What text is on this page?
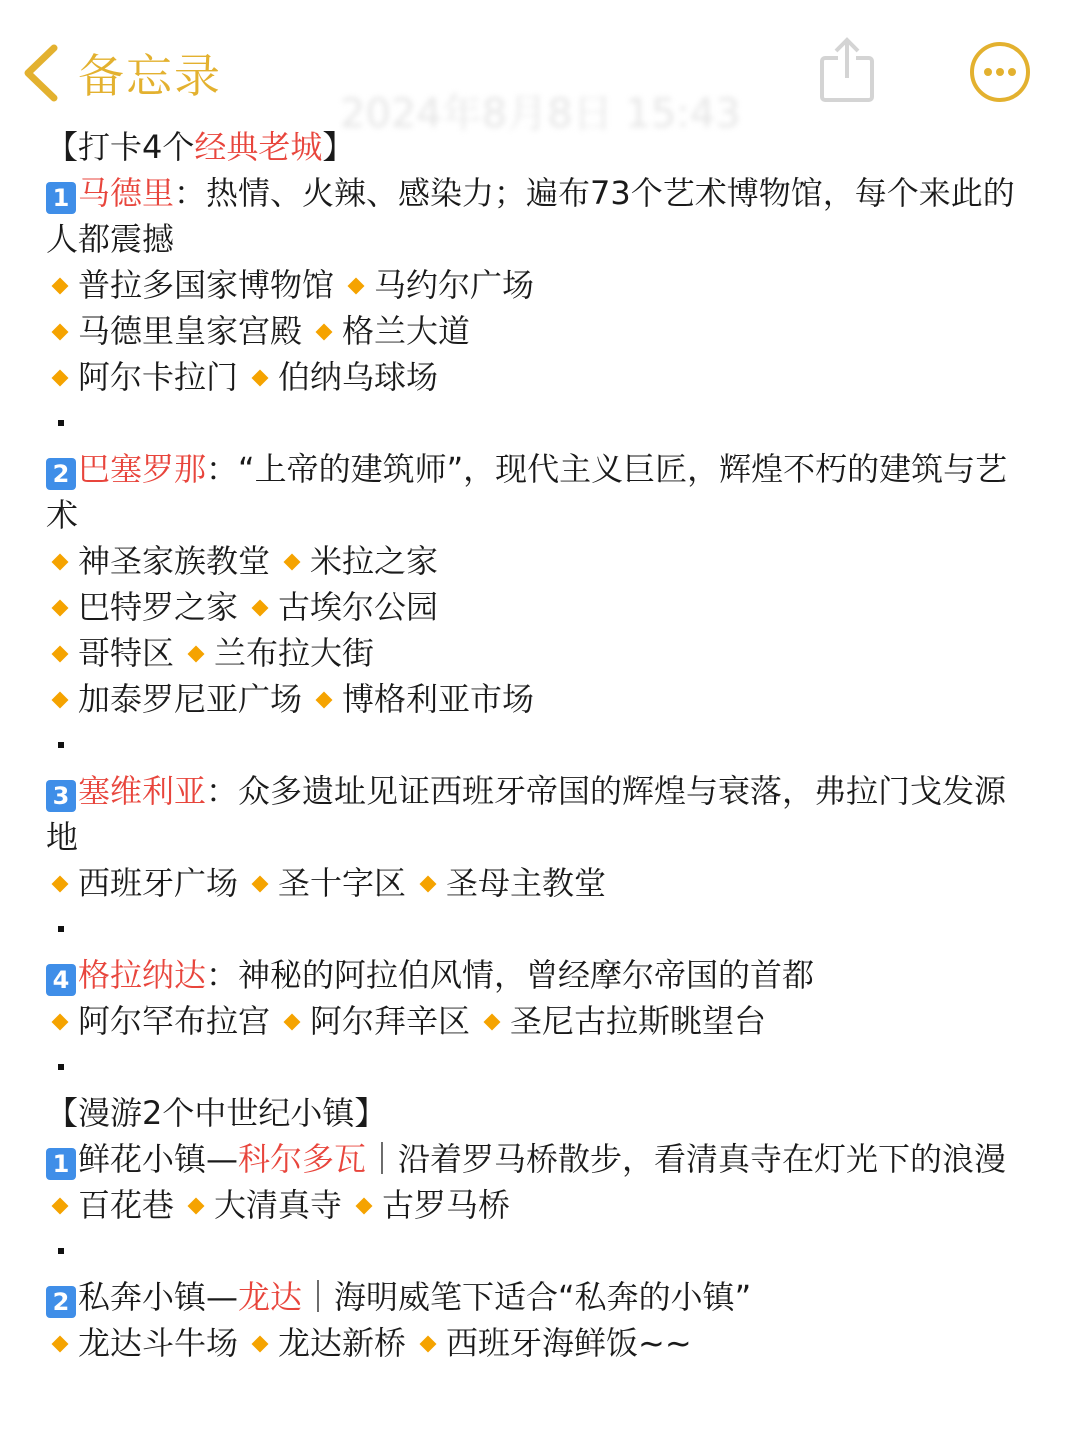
备忘录
2024年8月8日 15:43
【打卡4个经典老城】
1 马德里：热情、火辣、感染力；遍布73个艺术博物馆，每个来此的人都震撼
普拉多国家博物馆 马约尔广场
马德里皇家宫殿 格兰大道
阿尔卡拉门 伯纳乌球场
2 巴塞罗那：“上帝的建筑师”，现代主义巨匠，辉煌不朽的建筑与艺术
神圣家族教堂 米拉之家
巴特罗之家 古埃尔公园
哥特区 兰布拉大街
加泰罗尼亚广场 博格利亚市场
3 塞维利亚：众多遗址见证西班牙帝国的辉煌与衰落，弗拉门戈发源地
西班牙广场 圣十字区 圣母主教堂
4 格拉纳达：神秘的阿拉伯风情，曾经摩尔帝国的首都
阿尔罕布拉宫 阿尔拜辛区 圣尼古拉斯眺望台
【漫游2个中世纪小镇】
1 鲜花小镇—科尔多瓦｜沿着罗马桥散步，看清真寺在灯光下的浪漫
百花巷 大清真寺 古罗马桥
2 私奔小镇—龙达｜海明威笔下适合“私奔的小镇”
龙达斗牛场 龙达新桥 西班牙海鲜饭~~
